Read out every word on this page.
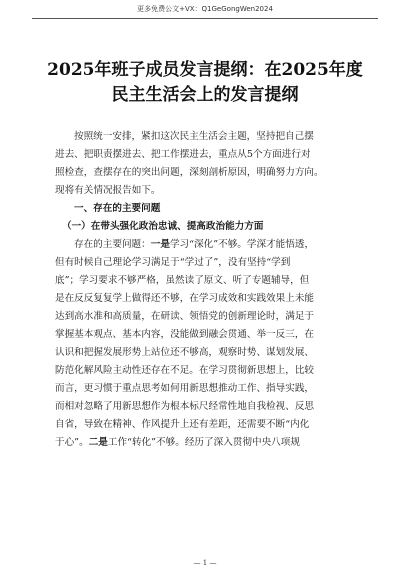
更多免费公文+VX：Q1GeGongWen2024
2025年班子成员发言提纲：在2025年度
民主生活会上的发言提纲
按照统一安排，紧扣这次民主生活会主题，坚持把自己摆
进去、把职责摆进去、把工作摆进去，重点从5个方面进行对
照检查，查摆存在的突出问题，深刻剖析原因，明确努力方向。
现将有关情况报告如下。
一、存在的主要问题
（一）在带头强化政治忠诚、提高政治能力方面
存在的主要问题：一是学习“深化”不够。学深才能悟透，
但有时候自己理论学习满足于“学过了”，没有坚持“学到
底”；学习要求不够严格，虽然读了原文、听了专题辅导，但
是在反反复复学上做得还不够，在学习成效和实践效果上未能
达到高水准和高质量，在研读、领悟党的创新理论时，满足于
掌握基本观点、基本内容，没能做到融会贯通、举一反三，在
认识和把握发展形势上站位还不够高，观察时势、谋划发展、
防范化解风险主动性还存在不足。在学习贯彻新思想上，比较
而言，更习惯于重点思考如何用新思想推动工作、指导实践，
而相对忽略了用新思想作为根本标尺经常性地自我检视、反思
自省，导致在精神、作风提升上还有差距，还需要不断“内化
于心”。二是工作“转化”不够。经历了深入贯彻中央八项规
— 1 —
